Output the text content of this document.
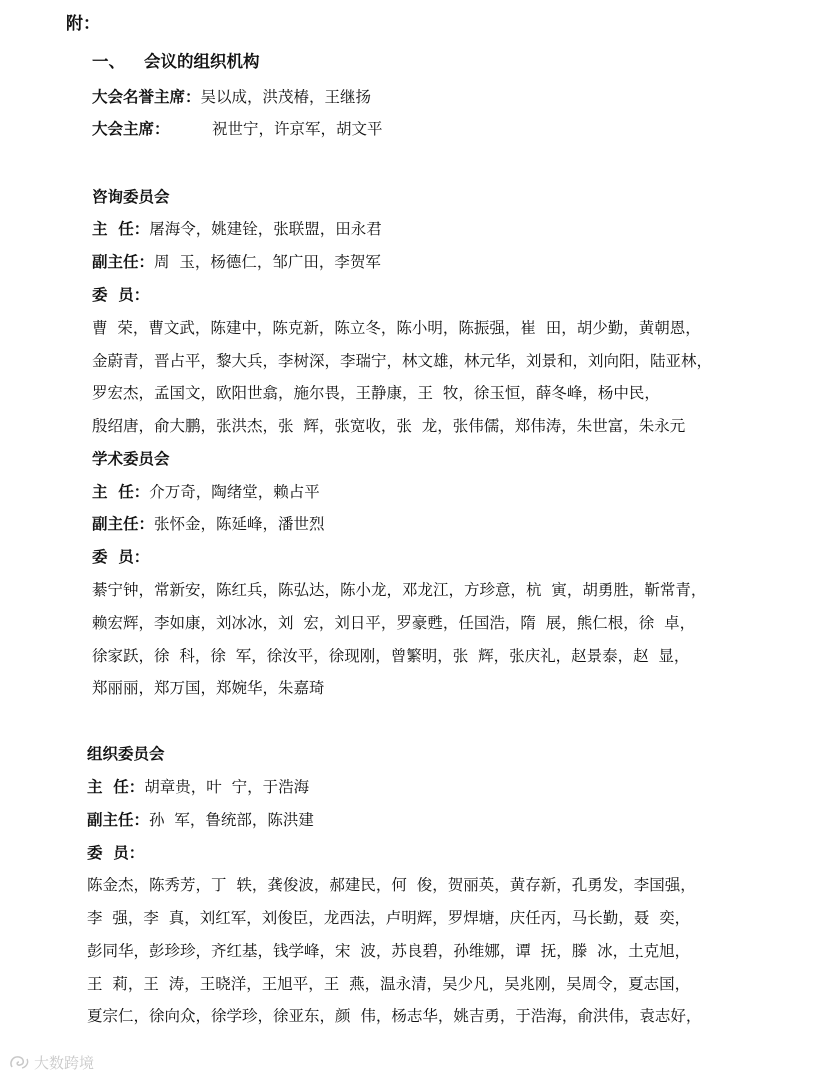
附：
一、 会议的组织机构
大会名誉主席：吴以成，洪茂椿，王继扬
大会主席：	祝世宁，许京军，胡文平
咨询委员会
主  任：屠海令，姚建铨，张联盟，田永君
副主任：周  玉，杨德仁，邹广田，李贺军
委  员：
曹  荣，曹文武，陈建中，陈克新，陈立冬，陈小明，陈振强，崔  田，胡少勤，黄朝恩，
金蔚青，晋占平，黎大兵，李树深，李瑞宁，林文雄，林元华，刘景和，刘向阳，陆亚林，
罗宏杰，孟国文，欧阳世翕，施尔畏，王静康，王  牧，徐玉恒，薛冬峰，杨中民，
殷绍唐，俞大鹏，张洪杰，张  辉，张宽收，张  龙，张伟儒，郑伟涛，朱世富，朱永元
学术委员会
主  任：介万奇，陶绪堂，赖占平
副主任：张怀金，陈延峰，潘世烈
委  员：
綦宁钟，常新安，陈红兵，陈弘达，陈小龙，邓龙江，方珍意，杭  寅，胡勇胜，靳常青，
赖宏辉，李如康，刘冰冰，刘  宏，刘日平，罗豪甦，任国浩，隋  展，熊仁根，徐  卓，
徐家跃，徐  科，徐  军，徐汝平，徐现刚，曾繁明，张  辉，张庆礼，赵景泰，赵  显，
郑丽丽，郑万国，郑婉华，朱嘉琦
组织委员会
主  任：胡章贵，叶  宁，于浩海
副主任：孙  军，鲁统部，陈洪建
委  员：
陈金杰，陈秀芳，丁  轶，龚俊波，郝建民，何  俊，贺丽英，黄存新，孔勇发，李国强，
李  强，李  真，刘红军，刘俊臣，龙西法，卢明辉，罗焊塘，庆任丙，马长勤，聂  奕，
彭同华，彭珍珍，齐红基，钱学峰，宋  波，苏良碧，孙维娜，谭  抚，滕  冰，土克旭，
王  莉，王  涛，王晓洋，王旭平，王  燕，温永清，吴少凡，吴兆刚，吴周令，夏志国，
夏宗仁，徐向众，徐学珍，徐亚东，颜  伟，杨志华，姚吉勇，于浩海，俞洪伟，袁志好，
大数跨境
